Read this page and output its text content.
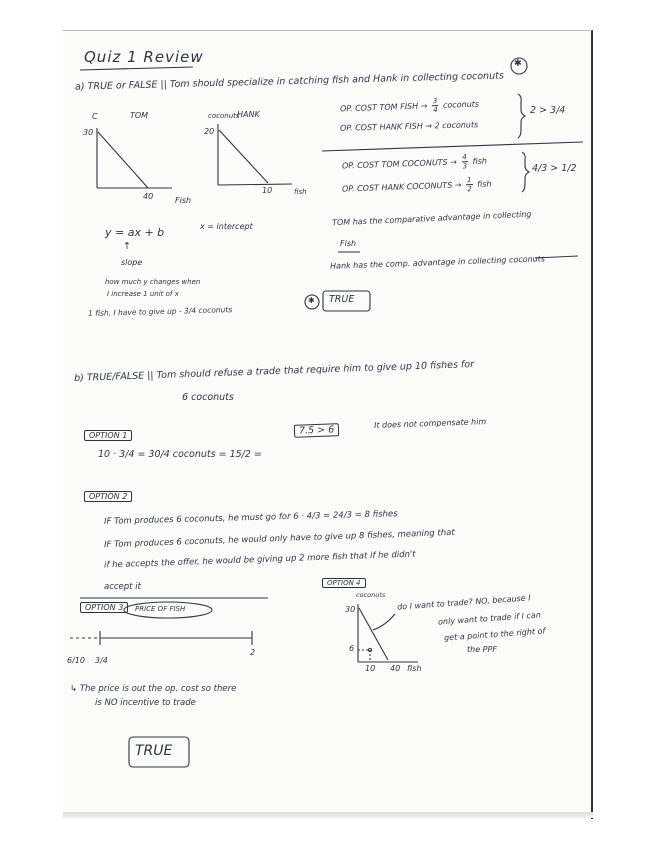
Quiz 1 Review	✱
a) TRUE or FALSE || Tom should specialize in catching fish and Hank in collecting coconuts
C	TOM
30
40	Fish
coconuts
HANK
20
10	fish
OP. COST TOM FISH → $\frac{3}{4}$ coconuts
OP. COST HANK FISH → 2 coconuts
2 > 3/4
OP. COST TOM COCONUTS → $\frac{4}{3}$ fish
OP. COST HANK COCONUTS → $\frac{1}{2}$ fish
4/3 > 1/2
y = ax + b	x = intercept
↑
slope
how much y changes when
I increase 1 unit of x
1 fish, I have to give up - 3/4 coconuts
TOM has the comparative advantage in collecting
Fish
Hank has the comp. advantage in collecting coconuts
✱ TRUE
b) TRUE/FALSE || Tom should refuse a trade that require him to give up 10 fishes for
6 coconuts
OPTION 1
10 · 3/4 = 30/4 coconuts = 15/2 =
7.5 > 6
It does not compensate him
OPTION 2
IF Tom produces 6 coconuts, he must go for 6 · 4/3 = 24/3 = 8 fishes
IF Tom produces 6 coconuts, he would only have to give up 8 fishes, meaning that
if he accepts the offer, he would be giving up 2 more fish that if he didn't
accept it
OPTION 3	PRICE OF FISH
6/10 3/4
2
↳ The price is out the op. cost so there
is NO incentive to trade
OPTION 4
coconuts
30
6
10 40 fish
do I want to trade? NO, because I
only want to trade if I can
get a point to the right of
the PPF
TRUE
